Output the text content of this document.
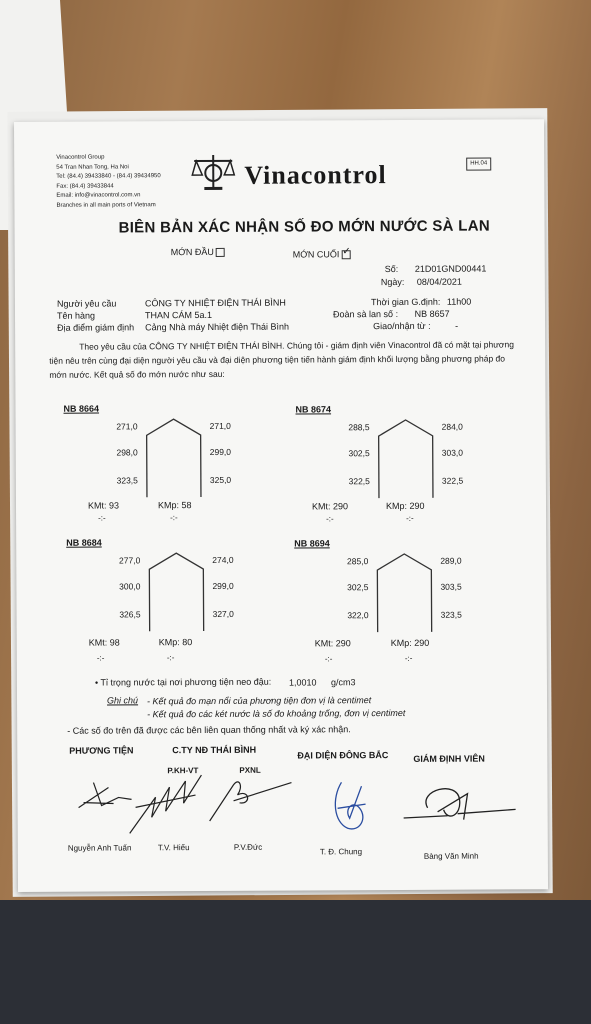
Vinacontrol Group
54 Tran Nhan Tong, Ha Noi
Tel: (84.4) 39433840 - (84.4) 39434950
Fax: (84.4) 39433844
Email: info@vinacontrol.com.vn
Branches in all main ports of Vietnam
Vinacontrol	HH.04
BIÊN BẢN XÁC NHẬN SỐ ĐO MỚN NƯỚC SÀ LAN
MỚN ĐẦU	MỚN CUỐI ✓
Số: 21D01GND00441
Ngày: 08/04/2021
Người yêu cầu	CÔNG TY NHIỆT ĐIỆN THÁI BÌNH
Tên hàng	THAN CÁM 5a.1
Địa điểm giám định Cảng Nhà máy Nhiệt điện Thái Bình
Thời gian G.định: 11h00
Đoàn sà lan số : NB 8657
Giao/nhận từ :	-
Theo yêu cầu của CÔNG TY NHIỆT ĐIỆN THÁI BÌNH. Chúng tôi - giám định viên Vinacontrol đã có mặt tại phương tiện nêu trên cùng đại diện người yêu cầu và đại diện phương tiện tiến hành giám định khối lượng bằng phương pháp đo mớn nước. Kết quả số đo mớn nước như sau:
NB 8664
271,0
298,0
323,5
271,0
299,0
325,0
KMt: 93	KMp: 58
-:-	-:-
NB 8674
288,5
302,5
322,5
284,0
303,0
322,5
KMt: 290	KMp: 290
-:-	-:-
NB 8684
277,0
300,0
326,5
274,0
299,0
327,0
KMt: 98	KMp: 80
-:-	-:-
NB 8694
285,0
302,5
322,0
289,0
303,5
323,5
KMt: 290	KMp: 290
-:-	-:-
• Tỉ trọng nước tại nơi phương tiện neo đậu: 1,0010 g/cm3
Ghi chú - Kết quả đo mạn nổi của phương tiện đơn vị là centimet
- Kết quả đo các két nước là số đo khoảng trống, đơn vị centimet
- Các số đo trên đã được các bên liên quan thống nhất và ký xác nhận.
PHƯƠNG TIỆN	C.TY NĐ THÁI BÌNH
P.KH-VT	PXNL
ĐẠI DIỆN ĐÔNG BẮC	GIÁM ĐỊNH VIÊN
Nguyễn Anh Tuấn	T.V. Hiếu	P.V.Đức	T. Đ. Chung	Bàng Văn Minh
